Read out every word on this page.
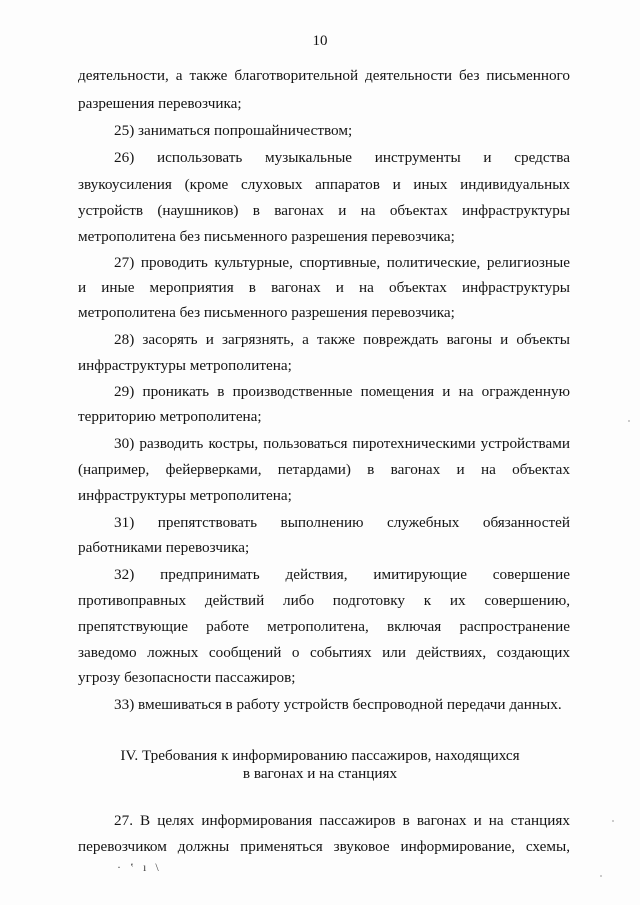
10
деятельности, а также благотворительной деятельности без письменного
разрешения перевозчика;
25) заниматься попрошайничеством;
26) использовать музыкальные инструменты и средства
звукоусиления (кроме слуховых аппаратов и иных индивидуальных
устройств (наушников) в вагонах и на объектах инфраструктуры
метрополитена без письменного разрешения перевозчика;
27) проводить культурные, спортивные, политические, религиозные
и иные мероприятия в вагонах и на объектах инфраструктуры
метрополитена без письменного разрешения перевозчика;
28) засорять и загрязнять, а также повреждать вагоны и объекты
инфраструктуры метрополитена;
29) проникать в производственные помещения и на огражденную
территорию метрополитена;
30) разводить костры, пользоваться пиротехническими устройствами
(например, фейерверками, петардами) в вагонах и на объектах
инфраструктуры метрополитена;
31) препятствовать выполнению служебных обязанностей
работниками перевозчика;
32) предпринимать действия, имитирующие совершение
противоправных действий либо подготовку к их совершению,
препятствующие работе метрополитена, включая распространение
заведомо ложных сообщений о событиях или действиях, создающих
угрозу безопасности пассажиров;
33) вмешиваться в работу устройств беспроводной передачи данных.
IV. Требования к информированию пассажиров, находящихся
в вагонах и на станциях
27. В целях информирования пассажиров в вагонах и на станциях
перевозчиком должны применяться звуковое информирование, схемы,
· ‛ ı \
